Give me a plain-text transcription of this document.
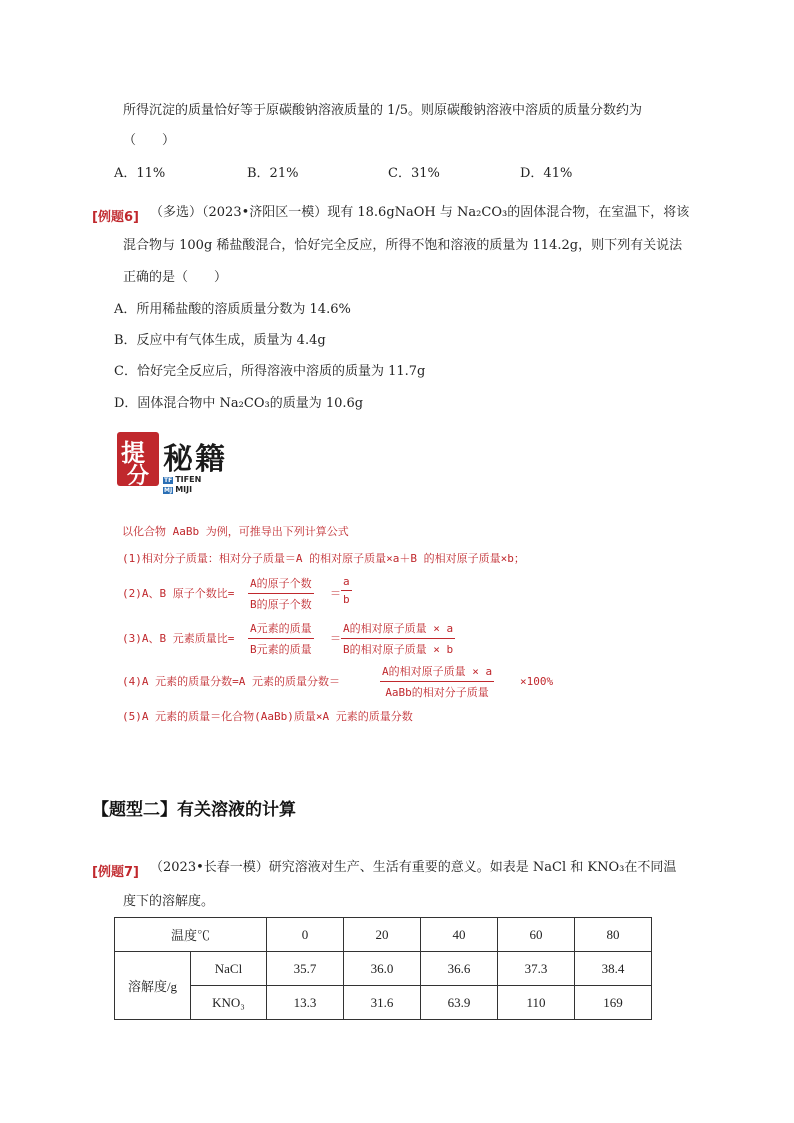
所得沉淀的质量恰好等于原碳酸钠溶液质量的 1/5。则原碳酸钠溶液中溶质的质量分数约为
（　　）
A．11%	B．21%	C．31%	D．41%
[例题6] （多选）（2023•济阳区一模）现有 18.6gNaOH 与 Na₂CO₃的固体混合物，在室温下，将该
混合物与 100g 稀盐酸混合，恰好完全反应，所得不饱和溶液的质量为 114.2g，则下列有关说法
正确的是（　　）
A．所用稀盐酸的溶质质量分数为 14.6%
B．反应中有气体生成，质量为 4.4g
C．恰好完全反应后，所得溶液中溶质的质量为 11.7g
D．固体混合物中 Na₂CO₃的质量为 10.6g
提
分 秘籍
TF TIFEN
MJ MIJI
以化合物 AaBb 为例，可推导出下列计算公式
(1)相对分子质量：相对分子质量＝A 的相对原子质量×a＋B 的相对原子质量×b；
(2)A、B 原子个数比=
A的原子个数
B的原子个数
＝
a
b
(3)A、B 元素质量比=
A元素的质量
B元素的质量
＝
A的相对原子质量 × a
B的相对原子质量 × b
(4)A 元素的质量分数=A 元素的质量分数＝
A的相对原子质量 × a
AaBb的相对分子质量
×100%
(5)A 元素的质量＝化合物(AaBb)质量×A 元素的质量分数
【题型二】有关溶液的计算
[例题7] （2023•长春一模）研究溶液对生产、生活有重要的意义。如表是 NaCl 和 KNO₃在不同温
度下的溶解度。
温度℃		0	20	40	60	80
溶解度/g	NaCl	35.7	36.0	36.6	37.3	38.4
	KNO₃	13.3	31.6	63.9	110	169
